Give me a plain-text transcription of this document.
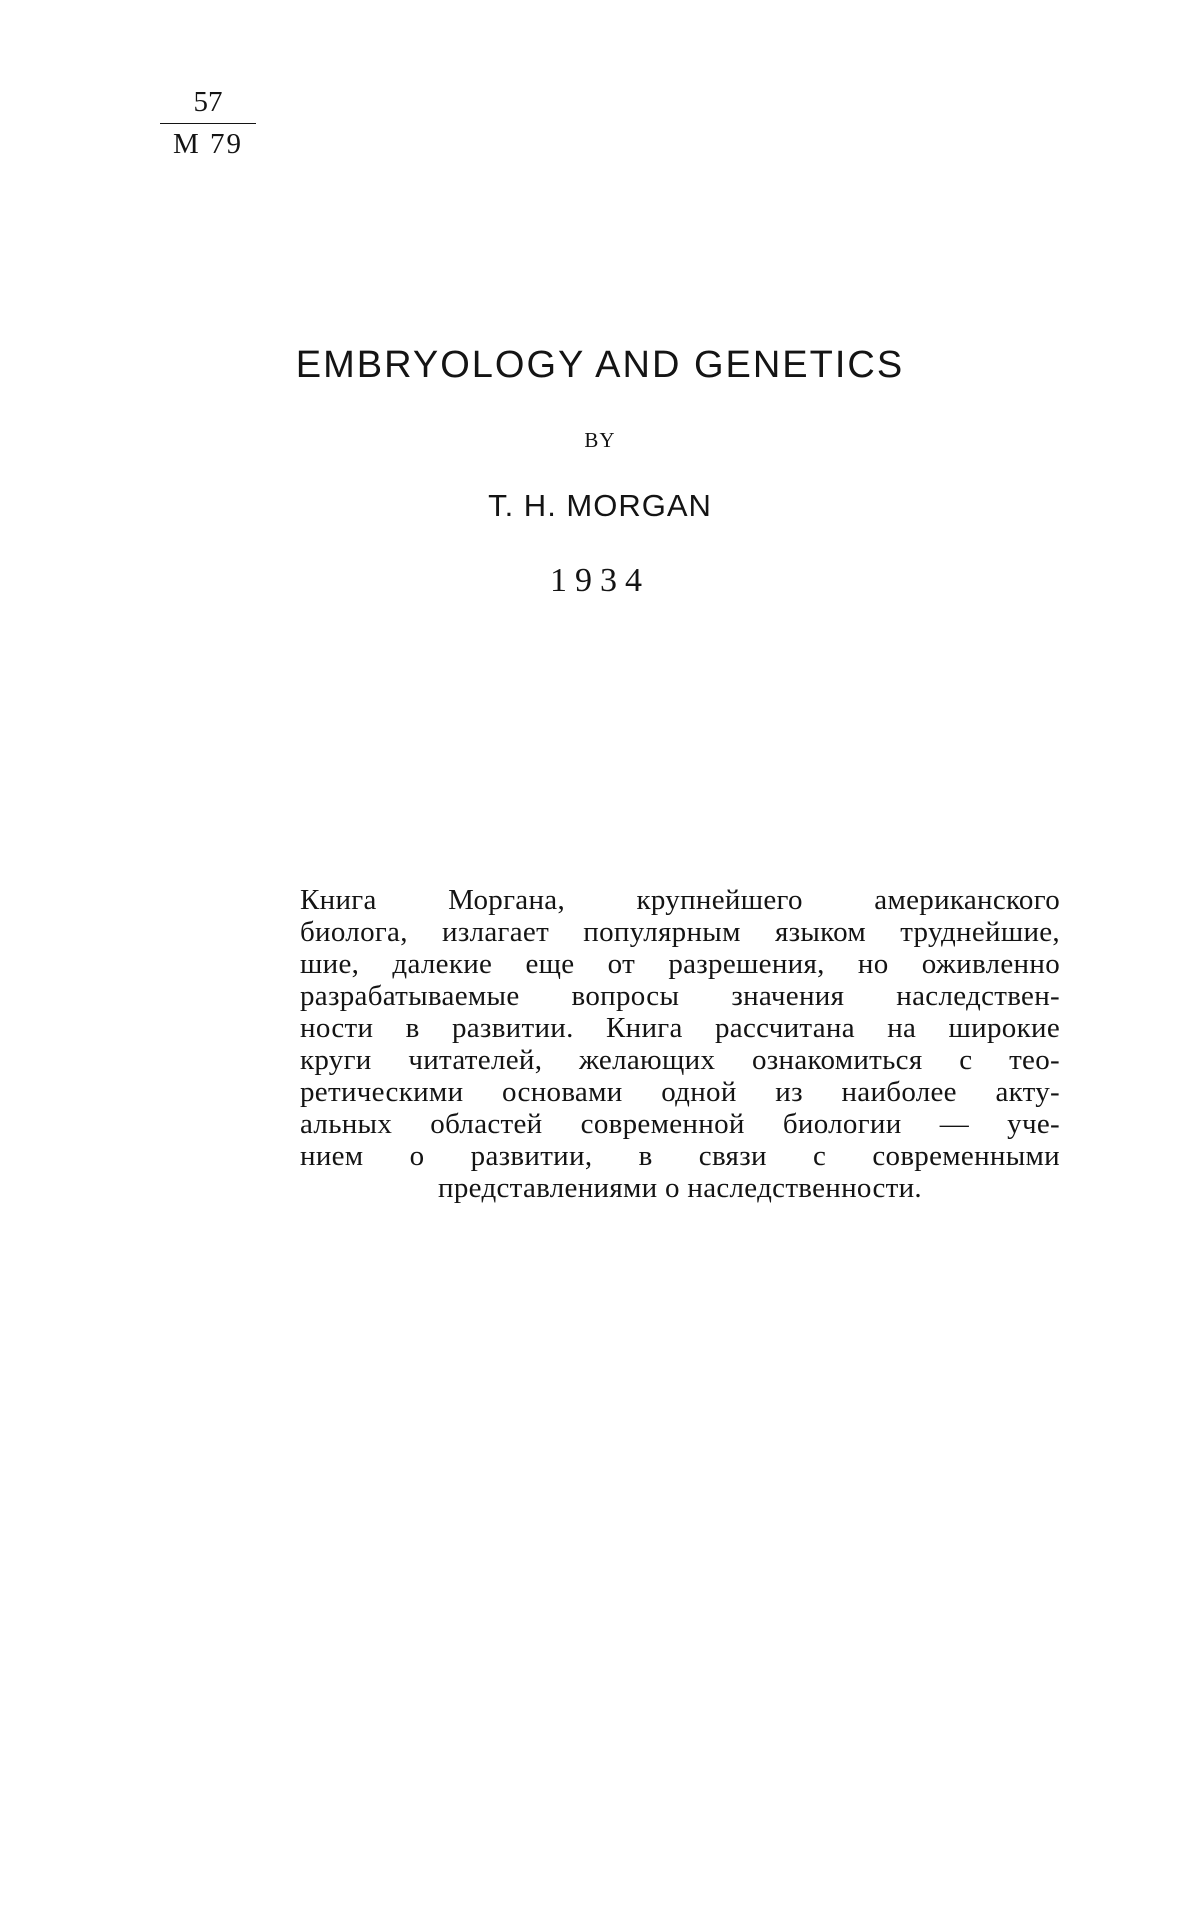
57
М 79
EMBRYOLOGY AND GENETICS
BY
T. H. MORGAN
1934
Книга Моргана, крупнейшего американского
биолога, излагает популярным языком труднейшие,
шие, далекие еще от разрешения, но оживленно
разрабатываемые вопросы значения наследствен-
ности в развитии. Книга рассчитана на широкие
круги читателей, желающих ознакомиться с тео-
ретическими основами одной из наиболее акту-
альных областей современной биологии — уче-
нием о развитии, в связи с современными
представлениями о наследственности.
